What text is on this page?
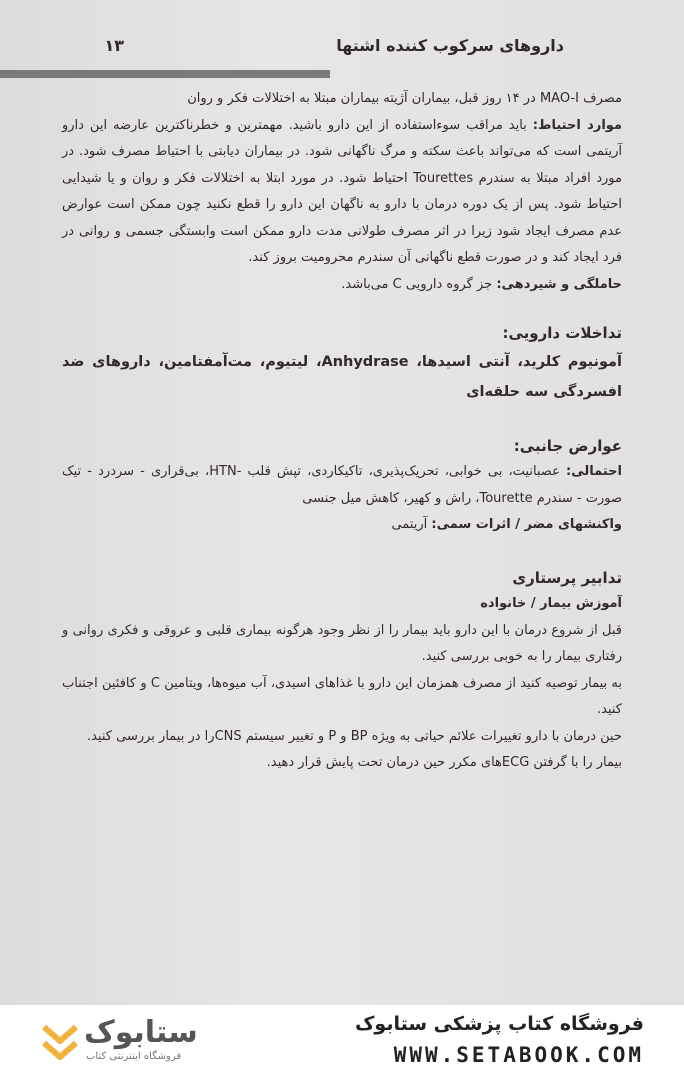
داروهای سرکوب کننده اشتها
۱۳

مصرف MAO-I در ۱۴ روز قبل، بیماران آژیته بیماران مبتلا به اختلالات فکر و روان

موارد احتیاط: باید مراقب سوءاستفاده از این دارو باشید. مهمترین و خطرناکترین عارضه این دارو آریتمی است که می‌تواند باعث سکته و مرگ ناگهانی شود. در بیماران دیابتی با احتیاط مصرف شود. در مورد افراد مبتلا به سندرم Tourettes احتیاط شود. در مورد ابتلا به اختلالات فکر و روان و یا شیدایی احتیاط شود. پس از یک دوره درمان با دارو به ناگهان این دارو را قطع نکنید چون ممکن است عوارض عدم مصرف ایجاد شود زیرا در اثر مصرف طولانی مدت دارو ممکن است وابستگی جسمی و روانی در فرد ایجاد کند و در صورت قطع ناگهانی آن سندرم محرومیت بروز کند.

حاملگی و شیردهی: جز گروه دارویی C می‌باشد.

تداخلات دارویی:

آمونیوم کلرید، آنتی اسیدها، Anhydrase، لیتیوم، مت‌آمفتامین، داروهای ضد افسردگی سه حلقه‌ای

عوارض جانبی:

احتمالی: عصبانیت، بی خوابی، تحریک‌پذیری، تاکیکاردی، تپش قلب -HTN، بی‌قراری - سردرد - تیک صورت - سندرم Tourette، راش و کهیر، کاهش میل جنسی

واکنشهای مضر / اثرات سمی: آریتمی

تدابیر پرستاری

آموزش بیمار / خانواده

قبل از شروع درمان با این دارو باید بیمار را از نظر وجود هرگونه بیماری قلبی و عروقی و فکری روانی و رفتاری بیمار را به خوبی بررسی کنید.

به بیمار توصیه کنید از مصرف همزمان این دارو با غذاهای اسیدی، آب میوه‌ها، ویتامین C و کافئین اجتناب کنید.

حین درمان با دارو تغییرات علائم حیاتی به ویژه BP و P و تغییر سیستم CNSرا در بیمار بررسی کنید.

بیمار را با گرفتن ECGهای مکرر حین درمان تحت پایش قرار دهید.

فروشگاه کتاب پزشکی ستابوک
WWW.SETABOOK.COM
ستابوک
فروشگاه اینترنتی کتاب
